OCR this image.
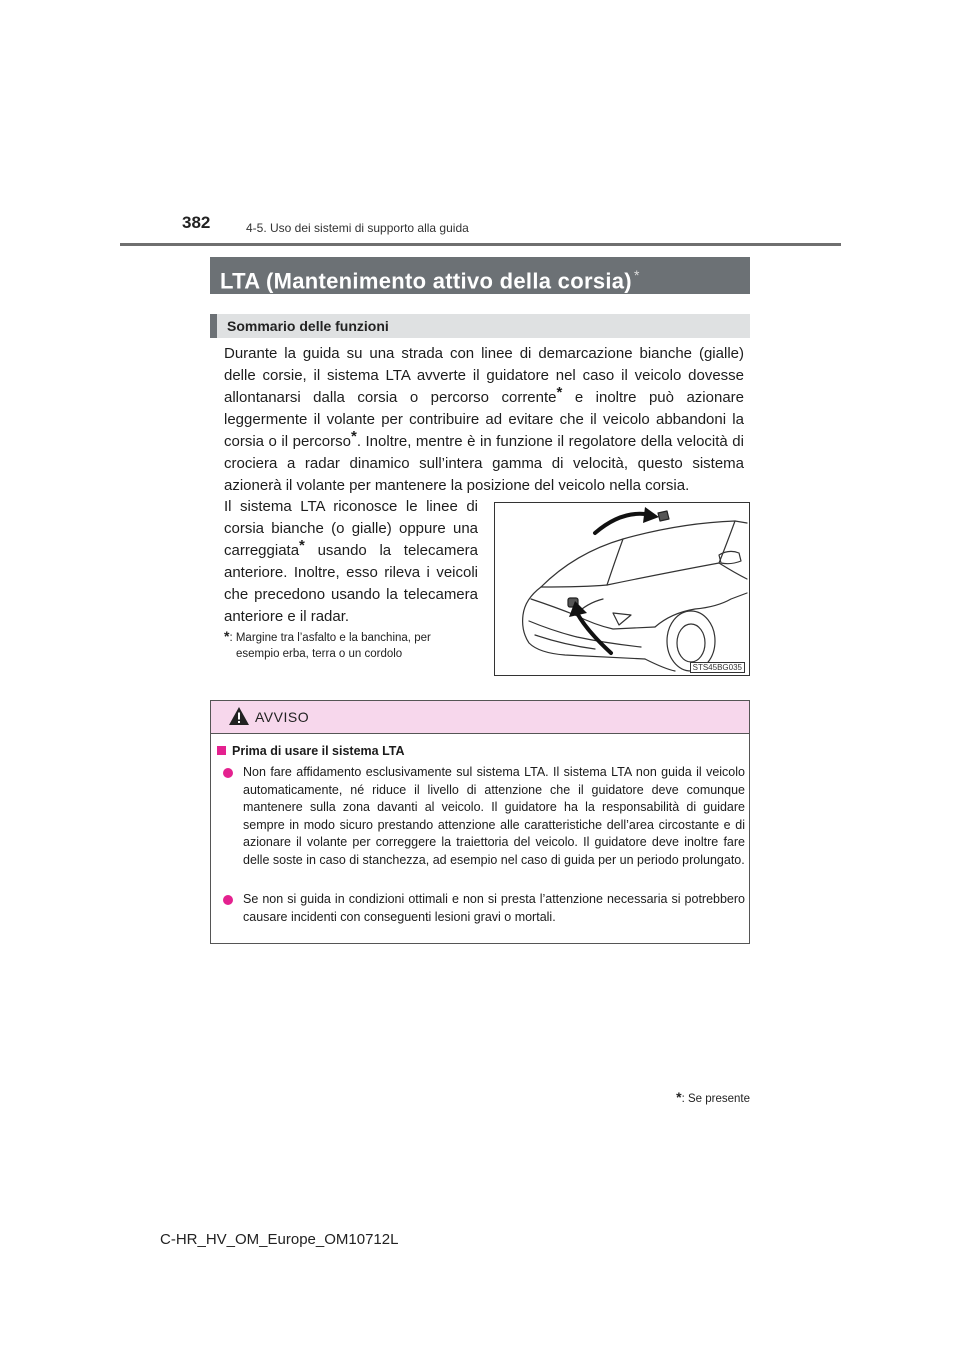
382	4-5. Uso dei sistemi di supporto alla guida
LTA (Mantenimento attivo della corsia) *
Sommario delle funzioni
Durante la guida su una strada con linee di demarcazione bianche (gialle) delle corsie, il sistema LTA avverte il guidatore nel caso il veicolo dovesse allontanarsi dalla corsia o percorso corrente* e inoltre può azionare leggermente il volante per contribuire ad evitare che il veicolo abbandoni la corsia o il percorso*. Inoltre, mentre è in funzione il regolatore della velocità di crociera a radar dinamico sull’intera gamma di velocità, questo sistema azionerà il volante per mantenere la posizione del veicolo nella corsia.
Il sistema LTA riconosce le linee di corsia bianche (o gialle) oppure una carreggiata* usando la telecamera anteriore. Inoltre, esso rileva i veicoli che precedono usando la telecamera anteriore e il radar.
*: Margine tra l’asfalto e la banchina, per
esempio erba, terra o un cordolo
STS45BG035
AVVISO
Prima di usare il sistema LTA
Non fare affidamento esclusivamente sul sistema LTA. Il sistema LTA non guida il veicolo automaticamente, né riduce il livello di attenzione che il guidatore deve comunque mantenere sulla zona davanti al veicolo. Il guidatore ha la responsabilità di guidare sempre in modo sicuro prestando attenzione alle caratteristiche dell’area circostante e di azionare il volante per correggere la traiettoria del veicolo. Il guidatore deve inoltre fare delle soste in caso di stanchezza, ad esempio nel caso di guida per un periodo prolungato.
Se non si guida in condizioni ottimali e non si presta l’attenzione necessaria si potrebbero causare incidenti con conseguenti lesioni gravi o mortali.
*: Se presente
C-HR_HV_OM_Europe_OM10712L
